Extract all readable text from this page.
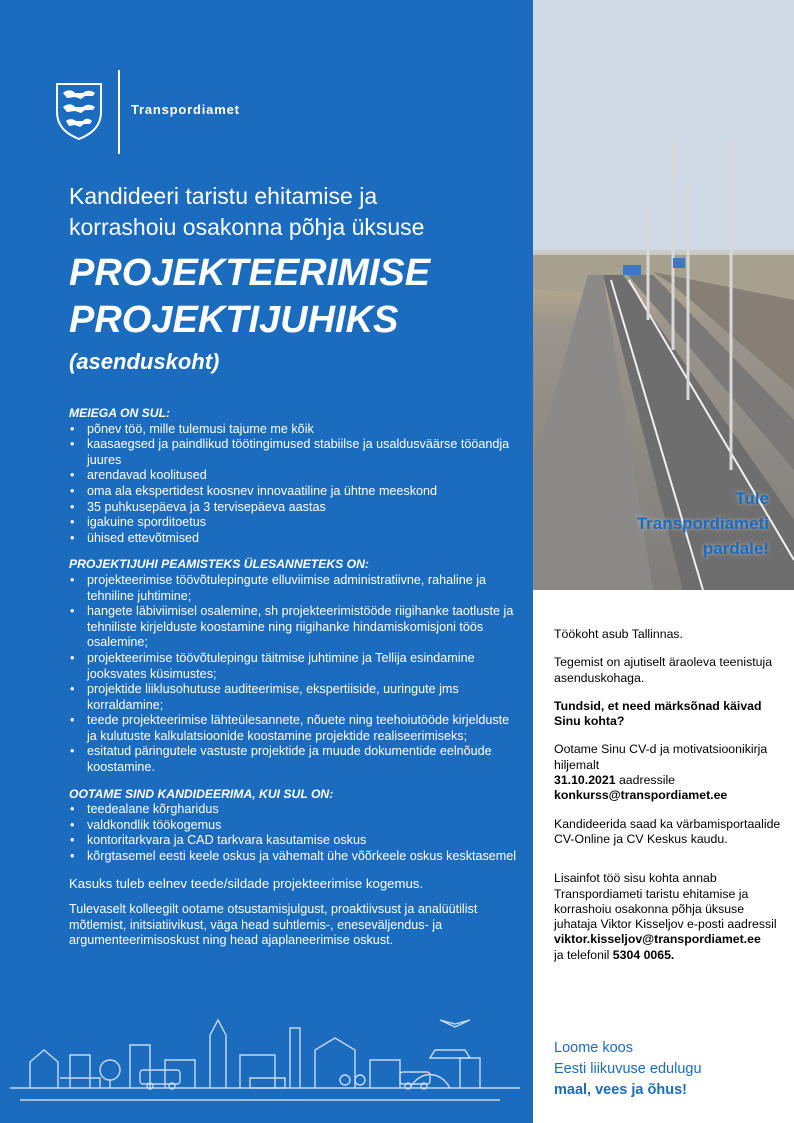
Transpordiamet
Kandideeri taristu ehitamise ja
korrashoiu osakonna põhja üksuse
PROJEKTEERIMISE
PROJEKTIJUHIKS
(asenduskoht)
MEIEGA ON SUL:
• põnev töö, mille tulemusi tajume me kõik
• kaasaegsed ja paindlikud töötingimused stabiilse ja usaldusväärse tööandja juures
• arendavad koolitused
• oma ala ekspertidest koosnev innovaatiline ja ühtne meeskond
• 35 puhkusepäeva ja 3 tervisepäeva aastas
• igakuine sporditoetus
• ühised ettevõtmised
PROJEKTIJUHI PEAMISTEKS ÜLESANNETEKS ON:
• projekteerimise töövõtulepingute elluviimise administratiivne, rahaline ja tehniline juhtimine;
• hangete läbiviimisel osalemine, sh projekteerimistööde riigihanke taotluste ja tehniliste kirjelduste koostamine ning riigihanke hindamiskomisjoni töös osalemine;
• projekteerimise töövõtulepingu täitmise juhtimine ja Tellija esindamine jooksvates küsimustes;
• projektide liiklusohutuse auditeerimise, ekspertiiside, uuringute jms korraldamine;
• teede projekteerimise lähteülesannete, nõuete ning teehoiutööde kirjelduste ja kulutuste kalkulatsioonide koostamine projektide realiseerimiseks;
• esitatud päringutele vastuste projektide ja muude dokumentide eelnõude koostamine.
OOTAME SIND KANDIDEERIMA, KUI SUL ON:
• teedealane kõrgharidus
• valdkondlik töökogemus
• kontoritarkvara ja CAD tarkvara kasutamise oskus
• kõrgtasemel eesti keele oskus ja vähemalt ühe võõrkeele oskus kesktasemel

Kasuks tuleb eelnev teede/sildade projekteerimise kogemus.

Tulevaselt kolleegilt ootame otsustamisjulgust, proaktiivsust ja analüütilist mõtlemist, initsiatiivikust, väga head suhtlemis-, eneseväljendus- ja argumenteerimisoskust ning head ajaplaneerimise oskust.

Tule
Transpordiameti
pardale!

Töökoht asub Tallinnas.

Tegemist on ajutiselt äraoleva teenistuja asenduskohaga.

Tundsid, et need märksõnad käivad Sinu kohta?

Ootame Sinu CV-d ja motivatsioonikirja hiljemalt
31.10.2021 aadressile
konkurss@transpordiamet.ee

Kandideerida saad ka värbamisportaalide CV-Online ja CV Keskus kaudu.

Lisainfot töö sisu kohta annab Transpordiameti taristu ehitamise ja korrashoiu osakonna põhja üksuse juhataja Viktor Kisseljov e-posti aadressil
viktor.kisseljov@transpordiamet.ee
ja telefonil 5304 0065.

Loome koos
Eesti liikuvuse edulugu
maal, vees ja õhus!
